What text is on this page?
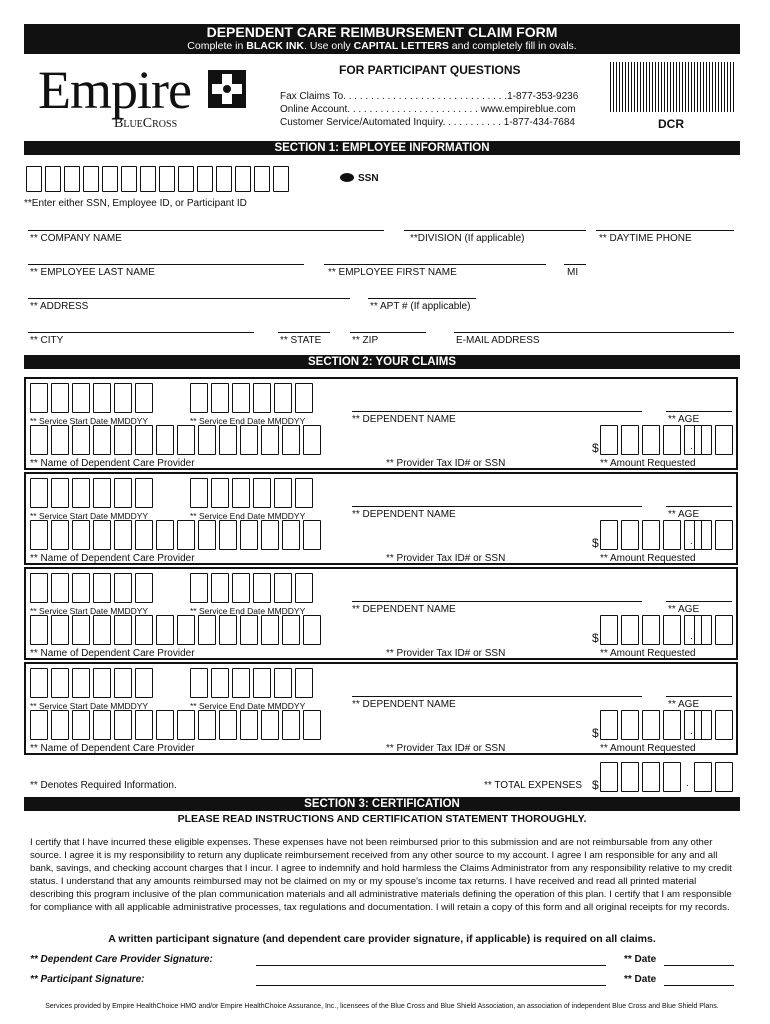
DEPENDENT CARE REIMBURSEMENT CLAIM FORM
Complete in BLACK INK. Use only CAPITAL LETTERS and completely fill in ovals.
Empire
BlueCross
FOR PARTICIPANT QUESTIONS
Fax Claims To. . . . . . . . . . . . . . . . . . . . . . . . . . . . . .1-877-353-9236
Online Account. . . . . . . . . . . . . . . . . . . . . . . . www.empireblue.com
Customer Service/Automated Inquiry. . . . . . . . . . . 1-877-434-7684	DCR
SECTION 1: EMPLOYEE INFORMATION
SSN
**Enter either SSN, Employee ID, or Participant ID
** COMPANY NAME	**DIVISION (If applicable)	** DAYTIME PHONE
** EMPLOYEE LAST NAME	** EMPLOYEE FIRST NAME	MI
** ADDRESS	** APT # (If applicable)
** CITY	** STATE	** ZIP	E-MAIL ADDRESS
SECTION 2: YOUR CLAIMS
** Service Start Date MMDDYY	** Service End Date MMDDYY	** DEPENDENT NAME	** AGE
$	.
** Name of Dependent Care Provider	** Provider Tax ID# or SSN	** Amount Requested
** Service Start Date MMDDYY	** Service End Date MMDDYY	** DEPENDENT NAME	** AGE
$	.
** Name of Dependent Care Provider	** Provider Tax ID# or SSN	** Amount Requested
** Service Start Date MMDDYY	** Service End Date MMDDYY	** DEPENDENT NAME	** AGE
$	.
** Name of Dependent Care Provider	** Provider Tax ID# or SSN	** Amount Requested
** Service Start Date MMDDYY	** Service End Date MMDDYY	** DEPENDENT NAME	** AGE
$	.
** Name of Dependent Care Provider	** Provider Tax ID# or SSN	** Amount Requested
** Denotes Required Information.	** TOTAL EXPENSES $	.
SECTION 3: CERTIFICATION
PLEASE READ INSTRUCTIONS AND CERTIFICATION STATEMENT THOROUGHLY.
I certify that I have incurred these eligible expenses. These expenses have not been reimbursed prior to this submission and are not reimbursable from any other source. I agree it is my responsibility to return any duplicate reimbursement received from any other source to my account. I agree I am responsible for any and all bank, savings, and checking account charges that I incur. I agree to indemnify and hold harmless the Claims Administrator from any responsibility relative to my credit status. I understand that any amounts reimbursed may not be claimed on my or my spouse's income tax returns. I have received and read all printed material describing this program inclusive of the plan communication materials and all administrative materials defining the operation of this plan. I certify that I am responsible for compliance with all applicable administrative processes, tax regulations and documentation. I will retain a copy of this form and all original receipts for my records.
A written participant signature (and dependent care provider signature, if applicable) is required on all claims.
** Dependent Care Provider Signature:	** Date
** Participant Signature:	** Date
Services provided by Empire HealthChoice HMO and/or Empire HealthChoice Assurance, Inc., licensees of the Blue Cross and Blue Shield Association, an association of independent Blue Cross and Blue Shield Plans.
